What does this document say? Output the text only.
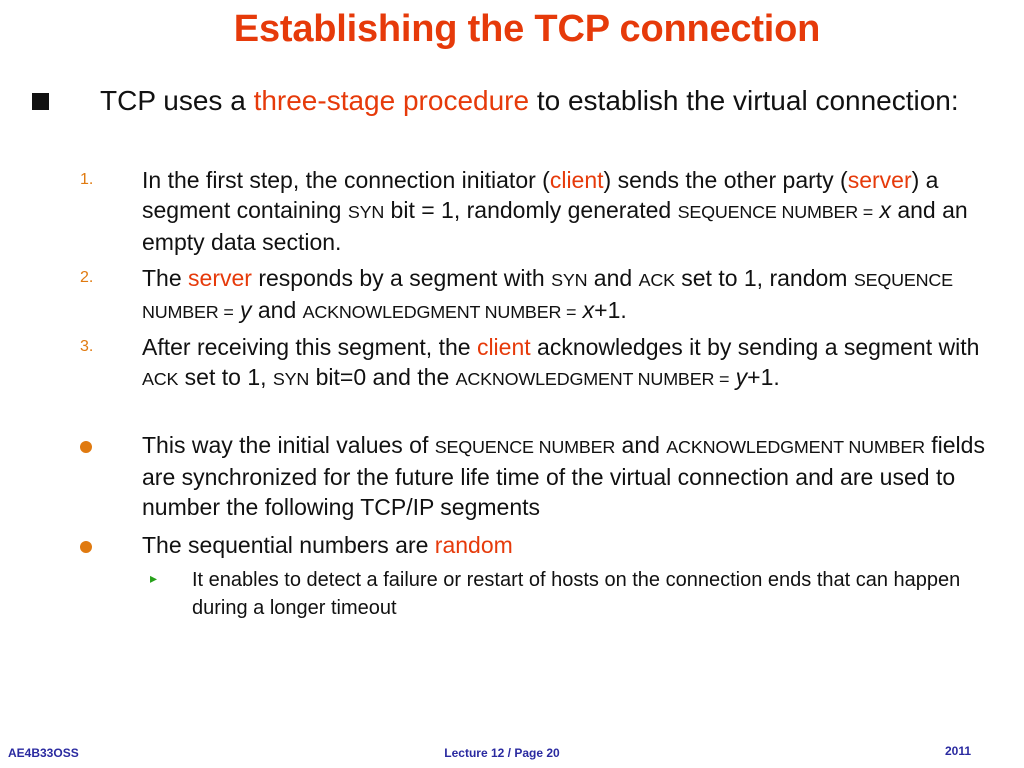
Establishing the TCP connection
TCP uses a three-stage procedure to establish the virtual connection:
1. In the first step, the connection initiator (client) sends the other party (server) a segment containing SYN bit = 1, randomly generated SEQUENCE NUMBER = x and an empty data section.
2. The server responds by a segment with SYN and ACK set to 1, random SEQUENCE NUMBER = y and ACKNOWLEDGMENT NUMBER = x+1.
3. After receiving this segment, the client acknowledges it by sending a segment with ACK set to 1, SYN bit=0 and the ACKNOWLEDGMENT NUMBER = y+1.
This way the initial values of SEQUENCE NUMBER and ACKNOWLEDGMENT NUMBER fields are synchronized for the future life time of the virtual connection and are used to number the following TCP/IP segments
The sequential numbers are random
▸ It enables to detect a failure or restart of hosts on the connection ends that can happen during a longer timeout
AE4B33OSS	Lecture 12 / Page 20	2011
